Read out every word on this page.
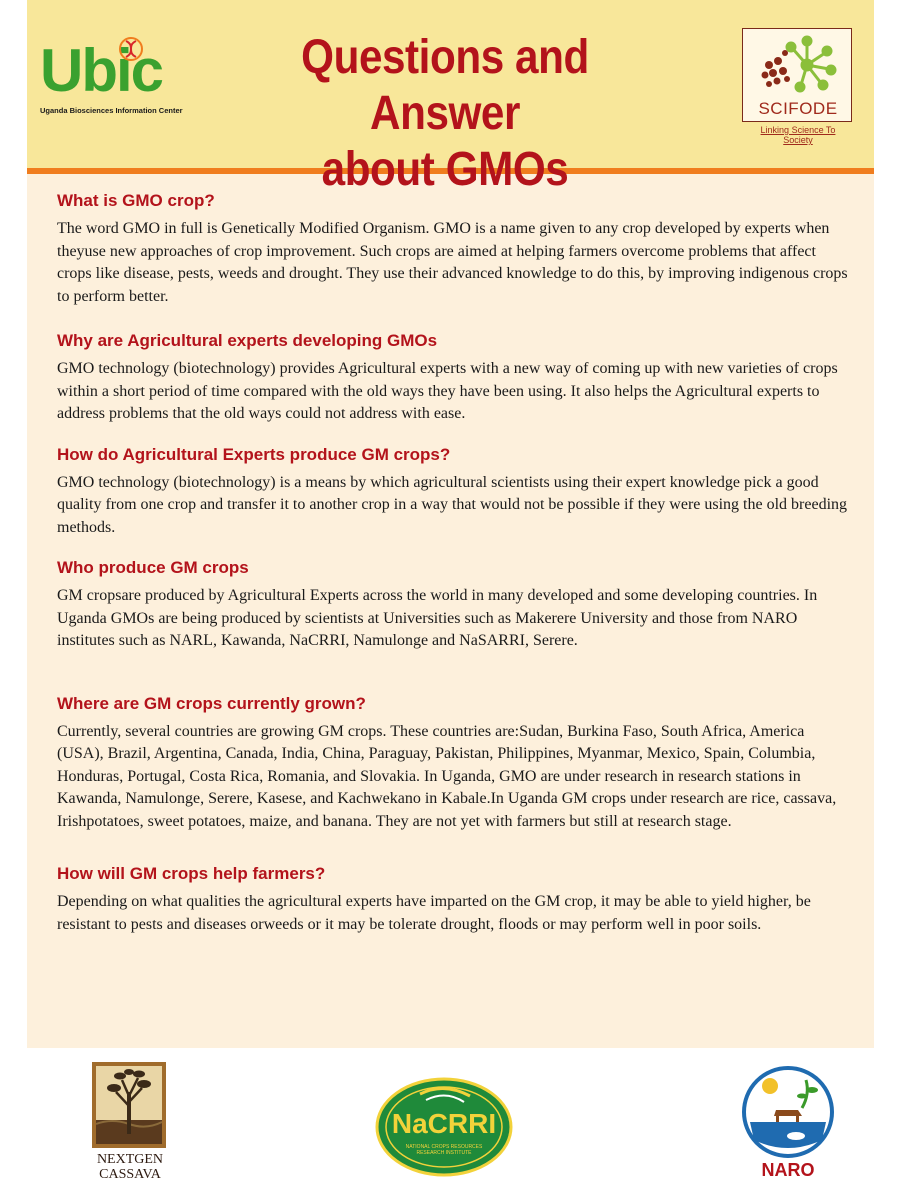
Ubic
Uganda Biosciences Information Center
Questions and Answer
about GMOs
SCIFODE
Linking Science To Society
What is GMO crop?

The word GMO in full is Genetically Modified Organism. GMO is a name given to any crop developed by experts when theyuse new approaches of crop improvement. Such crops are aimed at helping farmers overcome problems that affect crops like disease, pests, weeds and drought. They use their advanced knowledge to do this, by improving indigenous crops to perform better.

Why are Agricultural experts developing GMOs

GMO technology (biotechnology) provides Agricultural experts with a new way of coming up with new varieties of crops within a short period of time compared with the old ways they have been using. It also helps the Agricultural experts to address problems that the old ways could not address with ease.

How do Agricultural Experts produce GM crops?

GMO technology (biotechnology) is a means by which agricultural scientists using their expert knowledge pick a good quality from one crop and transfer it to another crop in a way that would not be possible if they were using the old breeding methods.

Who produce GM crops

GM cropsare produced by Agricultural Experts across the world in many developed and some developing countries. In Uganda GMOs are being produced by scientists at Universities such as Makerere University and those from NARO institutes such as NARL, Kawanda, NaCRRI, Namulonge and NaSARRI, Serere.

Where are GM crops currently grown?

Currently, several countries are growing GM crops. These countries are:Sudan, Burkina Faso, South Africa, America (USA), Brazil, Argentina, Canada, India, China, Paraguay, Pakistan, Philippines, Myanmar, Mexico, Spain, Columbia, Honduras, Portugal, Costa Rica, Romania, and Slovakia. In Uganda, GMO are under research in research stations in Kawanda, Namulonge, Serere, Kasese, and Kachwekano in Kabale.In Uganda GM crops under research are rice, cassava, Irishpotatoes, sweet potatoes, maize, and banana. They are not yet with farmers but still at research stage.

How will GM crops help farmers?

Depending on what qualities the agricultural experts have imparted on the GM crop, it may be able to yield higher, be resistant to pests and diseases orweeds or it may be tolerate drought, floods or may perform well in poor soils.

NEXTGEN
CASSAVA
NaCRRI
NATIONAL CROPS RESOURCES RESEARCH INSTITUTE
NARO
